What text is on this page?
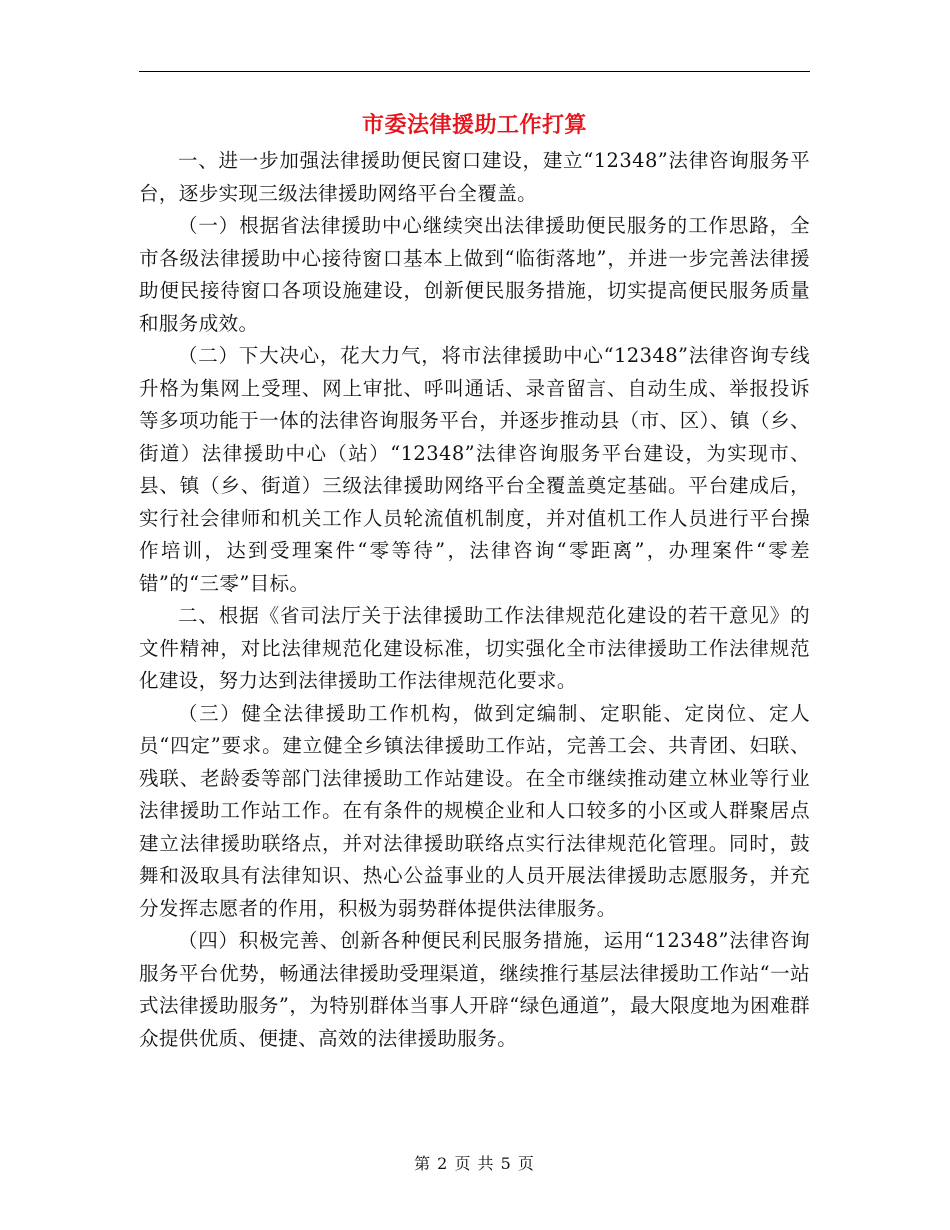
市委法律援助工作打算

一、进一步加强法律援助便民窗口建设，建立“12348”法律咨询服务平台，逐步实现三级法律援助网络平台全覆盖。

（一）根据省法律援助中心继续突出法律援助便民服务的工作思路，全市各级法律援助中心接待窗口基本上做到“临街落地”，并进一步完善法律援助便民接待窗口各项设施建设，创新便民服务措施，切实提高便民服务质量和服务成效。

（二）下大决心，花大力气，将市法律援助中心“12348”法律咨询专线升格为集网上受理、网上审批、呼叫通话、录音留言、自动生成、举报投诉等多项功能于一体的法律咨询服务平台，并逐步推动县（市、区）、镇（乡、街道）法律援助中心（站）“12348”法律咨询服务平台建设，为实现市、县、镇（乡、街道）三级法律援助网络平台全覆盖奠定基础。平台建成后，实行社会律师和机关工作人员轮流值机制度，并对值机工作人员进行平台操作培训，达到受理案件“零等待”，法律咨询“零距离”，办理案件“零差错”的“三零”目标。

二、根据《省司法厅关于法律援助工作法律规范化建设的若干意见》的文件精神，对比法律规范化建设标准，切实强化全市法律援助工作法律规范化建设，努力达到法律援助工作法律规范化要求。

（三）健全法律援助工作机构，做到定编制、定职能、定岗位、定人员“四定”要求。建立健全乡镇法律援助工作站，完善工会、共青团、妇联、残联、老龄委等部门法律援助工作站建设。在全市继续推动建立林业等行业法律援助工作站工作。在有条件的规模企业和人口较多的小区或人群聚居点建立法律援助联络点，并对法律援助联络点实行法律规范化管理。同时，鼓舞和汲取具有法律知识、热心公益事业的人员开展法律援助志愿服务，并充分发挥志愿者的作用，积极为弱势群体提供法律服务。

（四）积极完善、创新各种便民利民服务措施，运用“12348”法律咨询服务平台优势，畅通法律援助受理渠道，继续推行基层法律援助工作站“一站式法律援助服务”，为特别群体当事人开辟“绿色通道”，最大限度地为困难群众提供优质、便捷、高效的法律援助服务。

第 2 页 共 5 页
